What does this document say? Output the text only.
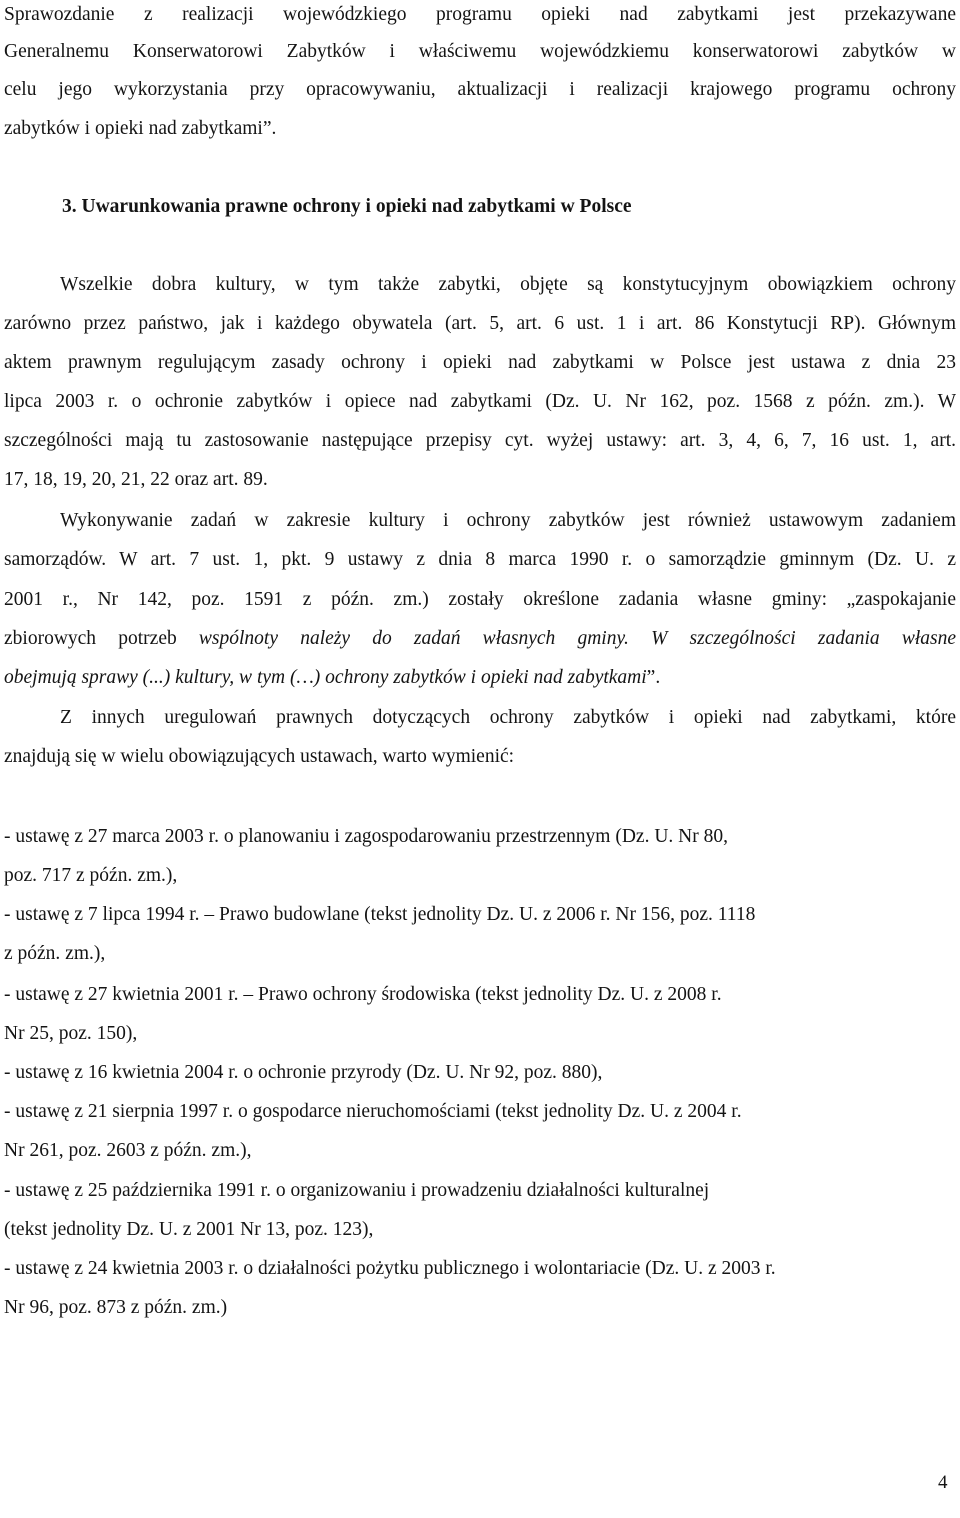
Sprawozdanie z realizacji wojewódzkiego programu opieki nad zabytkami jest przekazywane
Generalnemu Konserwatorowi Zabytków i właściwemu wojewódzkiemu konserwatorowi zabytków w
celu jego wykorzystania przy opracowywaniu, aktualizacji i realizacji krajowego programu ochrony
zabytków i opieki nad zabytkami”.
3. Uwarunkowania prawne ochrony i opieki nad zabytkami w Polsce
Wszelkie dobra kultury, w tym także zabytki, objęte są konstytucyjnym obowiązkiem ochrony
zarówno przez państwo, jak i każdego obywatela (art. 5, art. 6 ust. 1 i art. 86 Konstytucji RP). Głównym
aktem prawnym regulującym zasady ochrony i opieki nad zabytkami w Polsce jest ustawa z dnia 23
lipca 2003 r. o ochronie zabytków i opiece nad zabytkami (Dz. U. Nr 162, poz. 1568 z późn. zm.). W
szczególności mają tu zastosowanie następujące przepisy cyt. wyżej ustawy: art. 3, 4, 6, 7, 16 ust. 1, art.
17, 18, 19, 20, 21, 22 oraz art. 89.
Wykonywanie zadań w zakresie kultury i ochrony zabytków jest również ustawowym zadaniem
samorządów. W art. 7 ust. 1, pkt. 9 ustawy z dnia 8 marca 1990 r. o samorządzie gminnym (Dz. U. z
2001 r., Nr 142, poz. 1591 z późn. zm.) zostały określone zadania własne gminy: „zaspokajanie
zbiorowych potrzeb wspólnoty należy do zadań własnych gminy. W szczególności zadania własne
obejmują sprawy (...) kultury, w tym (…) ochrony zabytków i opieki nad zabytkami”.
Z innych uregulowań prawnych dotyczących ochrony zabytków i opieki nad zabytkami, które
znajdują się w wielu obowiązujących ustawach, warto wymienić:
- ustawę z 27 marca 2003 r. o planowaniu i zagospodarowaniu przestrzennym (Dz. U. Nr 80,
poz. 717 z późn. zm.),
- ustawę z 7 lipca 1994 r. – Prawo budowlane (tekst jednolity Dz. U. z 2006 r. Nr 156, poz. 1118
z późn. zm.),
- ustawę z 27 kwietnia 2001 r. – Prawo ochrony środowiska (tekst jednolity Dz. U. z 2008 r.
Nr 25, poz. 150),
- ustawę z 16 kwietnia 2004 r. o ochronie przyrody (Dz. U. Nr 92, poz. 880),
- ustawę z 21 sierpnia 1997 r. o gospodarce nieruchomościami (tekst jednolity Dz. U. z 2004 r.
Nr 261, poz. 2603 z późn. zm.),
- ustawę z 25 października 1991 r. o organizowaniu i prowadzeniu działalności kulturalnej
(tekst jednolity Dz. U. z 2001 Nr 13, poz. 123),
- ustawę z 24 kwietnia 2003 r. o działalności pożytku publicznego i wolontariacie (Dz. U. z 2003 r.
Nr 96, poz. 873 z późn. zm.)
4
